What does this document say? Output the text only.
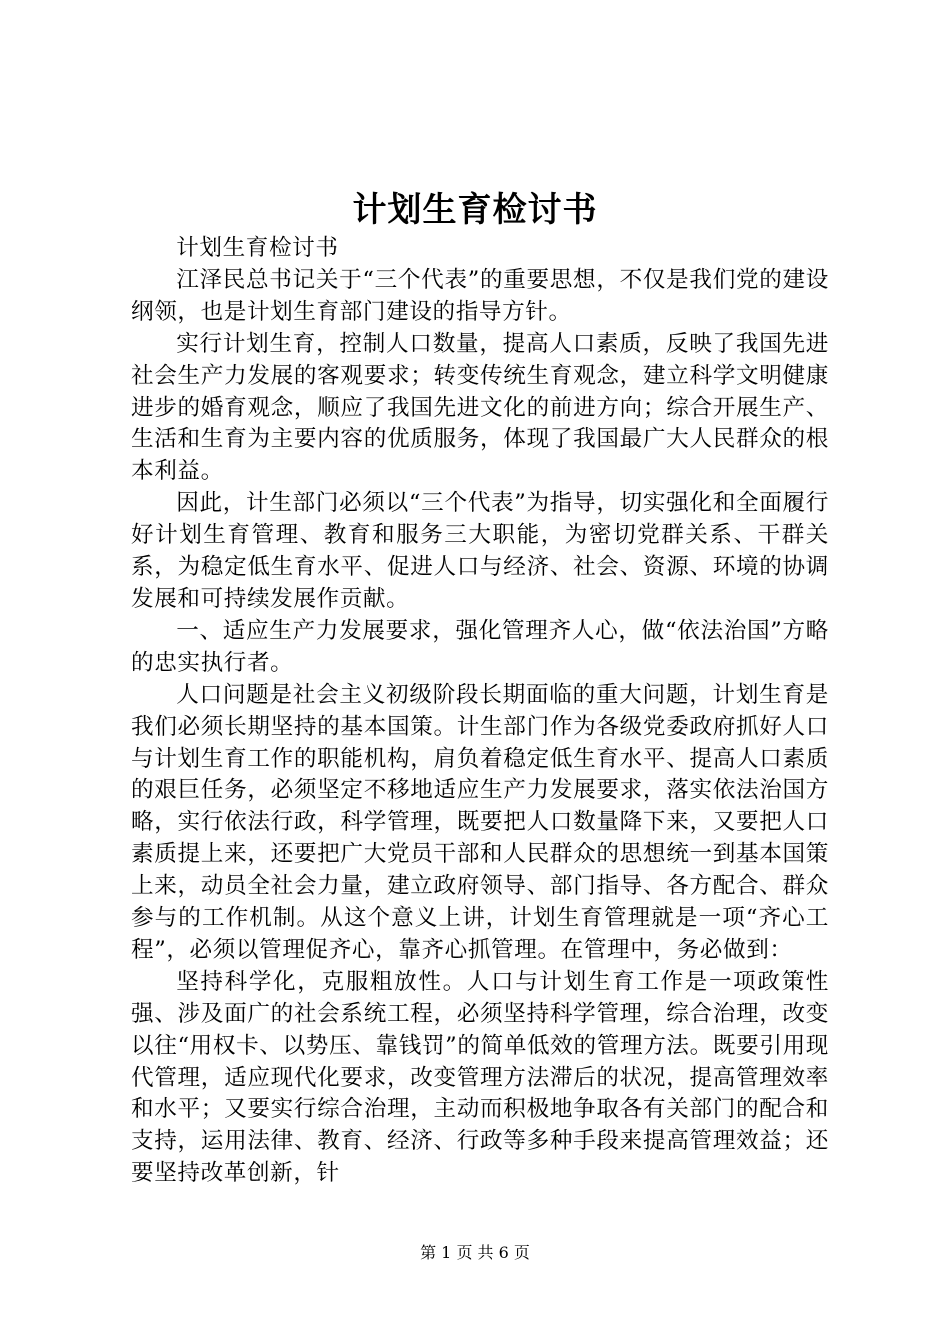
计划生育检讨书

计划生育检讨书

江泽民总书记关于“三个代表”的重要思想，不仅是我们党的建设纲领，也是计划生育部门建设的指导方针。

实行计划生育，控制人口数量，提高人口素质，反映了我国先进社会生产力发展的客观要求；转变传统生育观念，建立科学文明健康进步的婚育观念，顺应了我国先进文化的前进方向；综合开展生产、生活和生育为主要内容的优质服务，体现了我国最广大人民群众的根本利益。

因此，计生部门必须以“三个代表”为指导，切实强化和全面履行好计划生育管理、教育和服务三大职能，为密切党群关系、干群关系，为稳定低生育水平、促进人口与经济、社会、资源、环境的协调发展和可持续发展作贡献。

一、适应生产力发展要求，强化管理齐人心，做“依法治国”方略的忠实执行者。

人口问题是社会主义初级阶段长期面临的重大问题，计划生育是我们必须长期坚持的基本国策。计生部门作为各级党委政府抓好人口与计划生育工作的职能机构，肩负着稳定低生育水平、提高人口素质的艰巨任务，必须坚定不移地适应生产力发展要求，落实依法治国方略，实行依法行政，科学管理，既要把人口数量降下来，又要把人口素质提上来，还要把广大党员干部和人民群众的思想统一到基本国策上来，动员全社会力量，建立政府领导、部门指导、各方配合、群众参与的工作机制。从这个意义上讲，计划生育管理就是一项“齐心工程”，必须以管理促齐心，靠齐心抓管理。在管理中，务必做到：

坚持科学化，克服粗放性。人口与计划生育工作是一项政策性强、涉及面广的社会系统工程，必须坚持科学管理，综合治理，改变以往“用权卡、以势压、靠钱罚”的简单低效的管理方法。既要引用现代管理，适应现代化要求，改变管理方法滞后的状况，提高管理效率和水平；又要实行综合治理，主动而积极地争取各有关部门的配合和支持，运用法律、教育、经济、行政等多种手段来提高管理效益；还要坚持改革创新，针

第 1 页 共 6 页
